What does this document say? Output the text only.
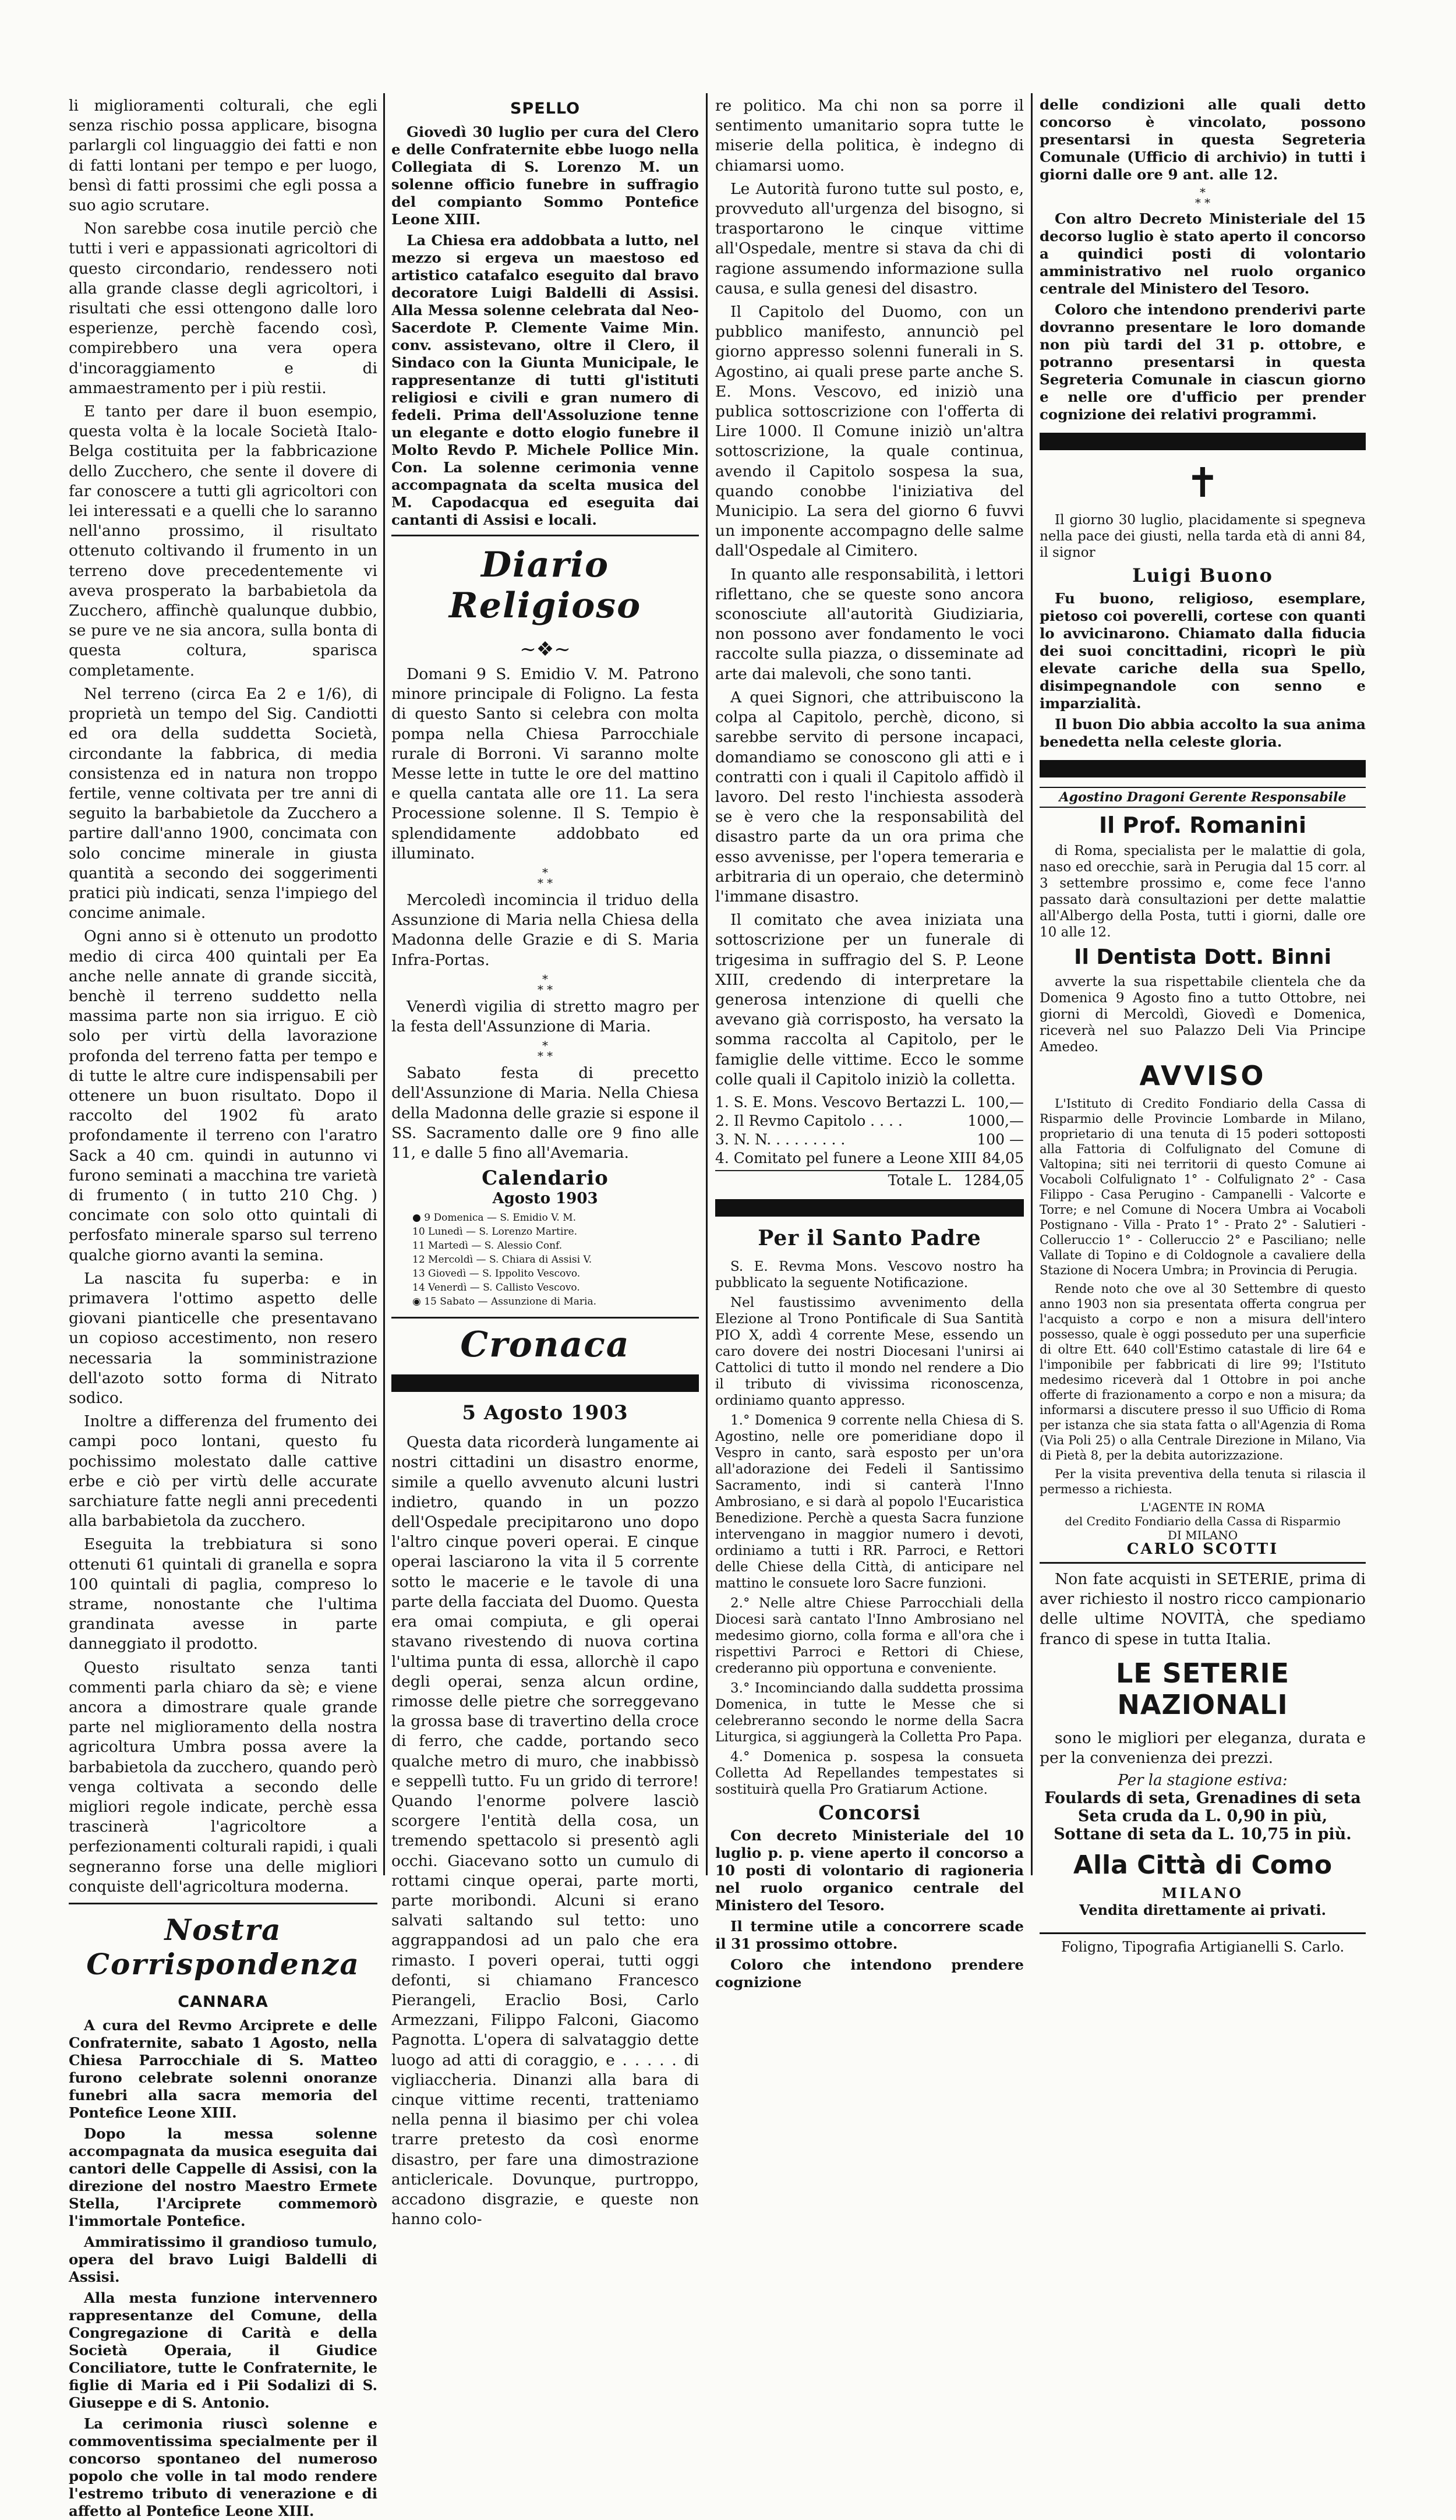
li miglioramenti colturali, che egli senza rischio possa applicare, bisogna parlargli col linguaggio dei fatti e non di fatti lontani per tempo e per luogo, bensì di fatti prossimi che egli possa a suo agio scrutare.

Non sarebbe cosa inutile perciò che tutti i veri e appassionati agricoltori di questo circondario, rendessero noti alla grande classe degli agricoltori, i risultati che essi ottengono dalle loro esperienze, perchè facendo così, compirebbero una vera opera d'incoraggiamento e di ammaestramento per i più restii.

E tanto per dare il buon esempio, questa volta è la locale Società Italo-Belga costituita per la fabbricazione dello Zucchero, che sente il dovere di far conoscere a tutti gli agricoltori con lei interessati e a quelli che lo saranno nell'anno prossimo, il risultato ottenuto coltivando il frumento in un terreno dove precedentemente vi aveva prosperato la barbabietola da Zucchero, affinchè qualunque dubbio, se pure ve ne sia ancora, sulla bonta di questa coltura, sparisca completamente.

Nel terreno (circa Ea 2 e 1/6), di proprietà un tempo del Sig. Candiotti ed ora della suddetta Società, circondante la fabbrica, di media consistenza ed in natura non troppo fertile, venne coltivata per tre anni di seguito la barbabietole da Zucchero a partire dall'anno 1900, concimata con solo concime minerale in giusta quantità a secondo dei soggerimenti pratici più indicati, senza l'impiego del concime animale.

Ogni anno si è ottenuto un prodotto medio di circa 400 quintali per Ea anche nelle annate di grande siccità, benchè il terreno suddetto nella massima parte non sia irriguo. E ciò solo per virtù della lavorazione profonda del terreno fatta per tempo e di tutte le altre cure indispensabili per ottenere un buon risultato. Dopo il raccolto del 1902 fù arato profondamente il terreno con l'aratro Sack a 40 cm. quindi in autunno vi furono seminati a macchina tre varietà di frumento ( in tutto 210 Chg. ) concimate con solo otto quintali di perfosfato minerale sparso sul terreno qualche giorno avanti la semina.

La nascita fu superba: e in primavera l'ottimo aspetto delle giovani pianticelle che presentavano un copioso accestimento, non resero necessaria la somministrazione dell'azoto sotto forma di Nitrato sodico.

Inoltre a differenza del frumento dei campi poco lontani, questo fu pochissimo molestato dalle cattive erbe e ciò per virtù delle accurate sarchiature fatte negli anni precedenti alla barbabietola da zucchero.

Eseguita la trebbiatura si sono ottenuti 61 quintali di granella e sopra 100 quintali di paglia, compreso lo strame, nonostante che l'ultima grandinata avesse in parte danneggiato il prodotto.

Questo risultato senza tanti commenti parla chiaro da sè; e viene ancora a dimostrare quale grande parte nel miglioramento della nostra agricoltura Umbra possa avere la barbabietola da zucchero, quando però venga coltivata a secondo delle migliori regole indicate, perchè essa trascinerà l'agricoltore a perfezionamenti colturali rapidi, i quali segneranno forse una delle migliori conquiste dell'agricoltura moderna.

Nostra Corrispondenza
CANNARA

A cura del Revmo Arciprete e delle Confraternite, sabato 1 Agosto, nella Chiesa Parrocchiale di S. Matteo furono celebrate solenni onoranze funebri alla sacra memoria del Pontefice Leone XIII.

Dopo la messa solenne accompagnata da musica eseguita dai cantori delle Cappelle di Assisi, con la direzione del nostro Maestro Ermete Stella, l'Arciprete commemorò l'immortale Pontefice.

Ammiratissimo il grandioso tumulo, opera del bravo Luigi Baldelli di Assisi.

Alla mesta funzione intervennero rappresentanze del Comune, della Congregazione di Carità e della Società Operaia, il Giudice Conciliatore, tutte le Confraternite, le figlie di Maria ed i Pii Sodalizi di S. Giuseppe e di S. Antonio.

La cerimonia riuscì solenne e commoventissima specialmente per il concorso spontaneo del numeroso popolo che volle in tal modo rendere l'estremo tributo di venerazione e di affetto al Pontefice Leone XIII.

SPELLO

Giovedì 30 luglio per cura del Clero e delle Confraternite ebbe luogo nella Collegiata di S. Lorenzo M. un solenne officio funebre in suffragio del compianto Sommo Pontefice Leone XIII.

La Chiesa era addobbata a lutto, nel mezzo si ergeva un maestoso ed artistico catafalco eseguito dal bravo decoratore Luigi Baldelli di Assisi. Alla Messa solenne celebrata dal Neo-Sacerdote P. Clemente Vaime Min. conv. assistevano, oltre il Clero, il Sindaco con la Giunta Municipale, le rappresentanze di tutti gl'istituti religiosi e civili e gran numero di fedeli. Prima dell'Assoluzione tenne un elegante e dotto elogio funebre il Molto Revdo P. Michele Pollice Min. Con. La solenne cerimonia venne accompagnata da scelta musica del M. Capodacqua ed eseguita dai cantanti di Assisi e locali.

Diario Religioso
~❖~

Domani 9 S. Emidio V. M. Patrono minore principale di Foligno. La festa di questo Santo si celebra con molta pompa nella Chiesa Parrocchiale rurale di Borroni. Vi saranno molte Messe lette in tutte le ore del mattino e quella cantata alle ore 11. La sera Processione solenne. Il S. Tempio è splendidamente addobbato ed illuminato.

*
* *

Mercoledì incomincia il triduo della Assunzione di Maria nella Chiesa della Madonna delle Grazie e di S. Maria Infra-Portas.

*
* *

Venerdì vigilia di stretto magro per la festa dell'Assunzione di Maria.

*
* *

Sabato festa di precetto dell'Assunzione di Maria. Nella Chiesa della Madonna delle grazie si espone il SS. Sacramento dalle ore 9 fino alle 11, e dalle 5 fino all'Avemaria.

Calendario
Agosto 1903
● 9 Domenica — S. Emidio V. M.
10 Lunedì — S. Lorenzo Martire.
11 Martedì — S. Alessio Conf.
12 Mercoldì — S. Chiara di Assisi V.
13 Giovedì — S. Ippolito Vescovo.
14 Venerdì — S. Callisto Vescovo.
◉ 15 Sabato — Assunzione di Maria.
Cronaca
5 Agosto 1903

Questa data ricorderà lungamente ai nostri cittadini un disastro enorme, simile a quello avvenuto alcuni lustri indietro, quando in un pozzo dell'Ospedale precipitarono uno dopo l'altro cinque poveri operai. E cinque operai lasciarono la vita il 5 corrente sotto le macerie e le tavole di una parte della facciata del Duomo. Questa era omai compiuta, e gli operai stavano rivestendo di nuova cortina l'ultima punta di essa, allorchè il capo degli operai, senza alcun ordine, rimosse delle pietre che sorreggevano la grossa base di travertino della croce di ferro, che cadde, portando seco qualche metro di muro, che inabbissò e seppellì tutto. Fu un grido di terrore! Quando l'enorme polvere lasciò scorgere l'entità della cosa, un tremendo spettacolo si presentò agli occhi. Giacevano sotto un cumulo di rottami cinque operai, parte morti, parte moribondi. Alcuni si erano salvati saltando sul tetto: uno aggrappandosi ad un palo che era rimasto. I poveri operai, tutti oggi defonti, si chiamano Francesco Pierangeli, Eraclio Bosi, Carlo Armezzani, Filippo Falconi, Giacomo Pagnotta. L'opera di salvataggio dette luogo ad atti di coraggio, e . . . . . di vigliaccheria. Dinanzi alla bara di cinque vittime recenti, tratteniamo nella penna il biasimo per chi volea trarre pretesto da così enorme disastro, per fare una dimostrazione anticlericale. Dovunque, purtroppo, accadono disgrazie, e queste non hanno colo-

re politico. Ma chi non sa porre il sentimento umanitario sopra tutte le miserie della politica, è indegno di chiamarsi uomo.

Le Autorità furono tutte sul posto, e, provveduto all'urgenza del bisogno, si trasportarono le cinque vittime all'Ospedale, mentre si stava da chi di ragione assumendo informazione sulla causa, e sulla genesi del disastro.

Il Capitolo del Duomo, con un pubblico manifesto, annunciò pel giorno appresso solenni funerali in S. Agostino, ai quali prese parte anche S. E. Mons. Vescovo, ed iniziò una publica sottoscrizione con l'offerta di Lire 1000. Il Comune iniziò un'altra sottoscrizione, la quale continua, avendo il Capitolo sospesa la sua, quando conobbe l'iniziativa del Municipio. La sera del giorno 6 fuvvi un imponente accompagno delle salme dall'Ospedale al Cimitero.

In quanto alle responsabilità, i lettori riflettano, che se queste sono ancora sconosciute all'autorità Giudiziaria, non possono aver fondamento le voci raccolte sulla piazza, o disseminate ad arte dai malevoli, che sono tanti.

A quei Signori, che attribuiscono la colpa al Capitolo, perchè, dicono, si sarebbe servito di persone incapaci, domandiamo se conoscono gli atti e i contratti con i quali il Capitolo affidò il lavoro. Del resto l'inchiesta assoderà se è vero che la responsabilità del disastro parte da un ora prima che esso avvenisse, per l'opera temeraria e arbitraria di un operaio, che determinò l'immane disastro.

Il comitato che avea iniziata una sottoscrizione per un funerale di trigesima in suffragio del S. P. Leone XIII, credendo di interpretare la generosa intenzione di quelli che avevano già corrisposto, ha versato la somma raccolta al Capitolo, per le famiglie delle vittime. Ecco le somme colle quali il Capitolo iniziò la colletta.

1. S. E. Mons. Vescovo Bertazzi L. 100,—
2. Il Revmo Capitolo . . . .	1000,—
3. N. N. . . . . . . . .	100 —
4. Comitato pel funere a Leone XIII 84,05
Totale L. 1284,05
Per il Santo Padre

S. E. Revma Mons. Vescovo nostro ha pubblicato la seguente Notificazione.

Nel faustissimo avvenimento della Elezione al Trono Pontificale di Sua Santità PIO X, addì 4 corrente Mese, essendo un caro dovere dei nostri Diocesani l'unirsi ai Cattolici di tutto il mondo nel rendere a Dio il tributo di vivissima riconoscenza, ordiniamo quanto appresso.

1.° Domenica 9 corrente nella Chiesa di S. Agostino, nelle ore pomeridiane dopo il Vespro in canto, sarà esposto per un'ora all'adorazione dei Fedeli il Santissimo Sacramento, indi si canterà l'Inno Ambrosiano, e si darà al popolo l'Eucaristica Benedizione. Perchè a questa Sacra funzione intervengano in maggior numero i devoti, ordiniamo a tutti i RR. Parroci, e Rettori delle Chiese della Città, di anticipare nel mattino le consuete loro Sacre funzioni.

2.° Nelle altre Chiese Parrocchiali della Diocesi sarà cantato l'Inno Ambrosiano nel medesimo giorno, colla forma e all'ora che i rispettivi Parroci e Rettori di Chiese, crederanno più opportuna e conveniente.

3.° Incominciando dalla suddetta prossima Domenica, in tutte le Messe che si celebreranno secondo le norme della Sacra Liturgica, si aggiungerà la Colletta Pro Papa.

4.° Domenica p. sospesa la consueta Colletta Ad Repellandes tempestates si sostituirà quella Pro Gratiarum Actione.

Concorsi

Con decreto Ministeriale del 10 luglio p. p. viene aperto il concorso a 10 posti di volontario di ragioneria nel ruolo organico centrale del Ministero del Tesoro.

Il termine utile a concorrere scade il 31 prossimo ottobre.

Coloro che intendono prendere cognizione

delle condizioni alle quali detto concorso è vincolato, possono presentarsi in questa Segreteria Comunale (Ufficio di archivio) in tutti i giorni dalle ore 9 ant. alle 12.

*
* *

Con altro Decreto Ministeriale del 15 decorso luglio è stato aperto il concorso a quindici posti di volontario amministrativo nel ruolo organico centrale del Ministero del Tesoro.

Coloro che intendono prenderivi parte dovranno presentare le loro domande non più tardi del 31 p. ottobre, e potranno presentarsi in questa Segreteria Comunale in ciascun giorno e nelle ore d'ufficio per prender cognizione dei relativi programmi.

✝

Il giorno 30 luglio, placidamente si spegneva nella pace dei giusti, nella tarda età di anni 84, il signor

Luigi Buono

Fu buono, religioso, esemplare, pietoso coi poverelli, cortese con quanti lo avvicinarono. Chiamato dalla fiducia dei suoi concittadini, ricoprì le più elevate cariche della sua Spello, disimpegnandole con senno e imparzialità.

Il buon Dio abbia accolto la sua anima benedetta nella celeste gloria.

Agostino Dragoni Gerente Responsabile
Il Prof. Romanini

di Roma, specialista per le malattie di gola, naso ed orecchie, sarà in Perugia dal 15 corr. al 3 settembre prossimo e, come fece l'anno passato darà consultazioni per dette malattie all'Albergo della Posta, tutti i giorni, dalle ore 10 alle 12.

Il Dentista Dott. Binni

avverte la sua rispettabile clientela che da Domenica 9 Agosto fino a tutto Ottobre, nei giorni di Mercoldì, Giovedì e Domenica, riceverà nel suo Palazzo Deli Via Principe Amedeo.

AVVISO

L'Istituto di Credito Fondiario della Cassa di Risparmio delle Provincie Lombarde in Milano, proprietario di una tenuta di 15 poderi sottoposti alla Fattoria di Colfulignato del Comune di Valtopina; siti nei territorii di questo Comune ai Vocaboli Colfulignato 1° - Colfulignato 2° - Casa Filippo - Casa Perugino - Campanelli - Valcorte e Torre; e nel Comune di Nocera Umbra ai Vocaboli Postignano - Villa - Prato 1° - Prato 2° - Salutieri - Colleruccio 1° - Colleruccio 2° e Pasciliano; nelle Vallate di Topino e di Coldognole a cavaliere della Stazione di Nocera Umbra; in Provincia di Perugia.

Rende noto che ove al 30 Settembre di questo anno 1903 non sia presentata offerta congrua per l'acquisto a corpo e non a misura dell'intero possesso, quale è oggi posseduto per una superficie di oltre Ett. 640 coll'Estimo catastale di lire 64 e l'imponibile per fabbricati di lire 99; l'Istituto medesimo riceverà dal 1 Ottobre in poi anche offerte di frazionamento a corpo e non a misura; da informarsi a discutere presso il suo Ufficio di Roma per istanza che sia stata fatta o all'Agenzia di Roma (Via Poli 25) o alla Centrale Direzione in Milano, Via di Pietà 8, per la debita autorizzazione.

Per la visita preventiva della tenuta si rilascia il permesso a richiesta.

L'AGENTE IN ROMA
del Credito Fondiario della Cassa di Risparmio
DI MILANO
CARLO SCOTTI

Non fate acquisti in SETERIE, prima di aver richiesto il nostro ricco campionario delle ultime NOVITÀ, che spediamo franco di spese in tutta Italia.

LE SETERIE NAZIONALI

sono le migliori per eleganza, durata e per la convenienza dei prezzi.

Per la stagione estiva:
Foulards di seta, Grenadines di seta
Seta cruda da L. 0,90 in più,
Sottane di seta da L. 10,75 in più.
Alla Città di Como
MILANO
Vendita direttamente ai privati.
Foligno, Tipografia Artigianelli S. Carlo.
